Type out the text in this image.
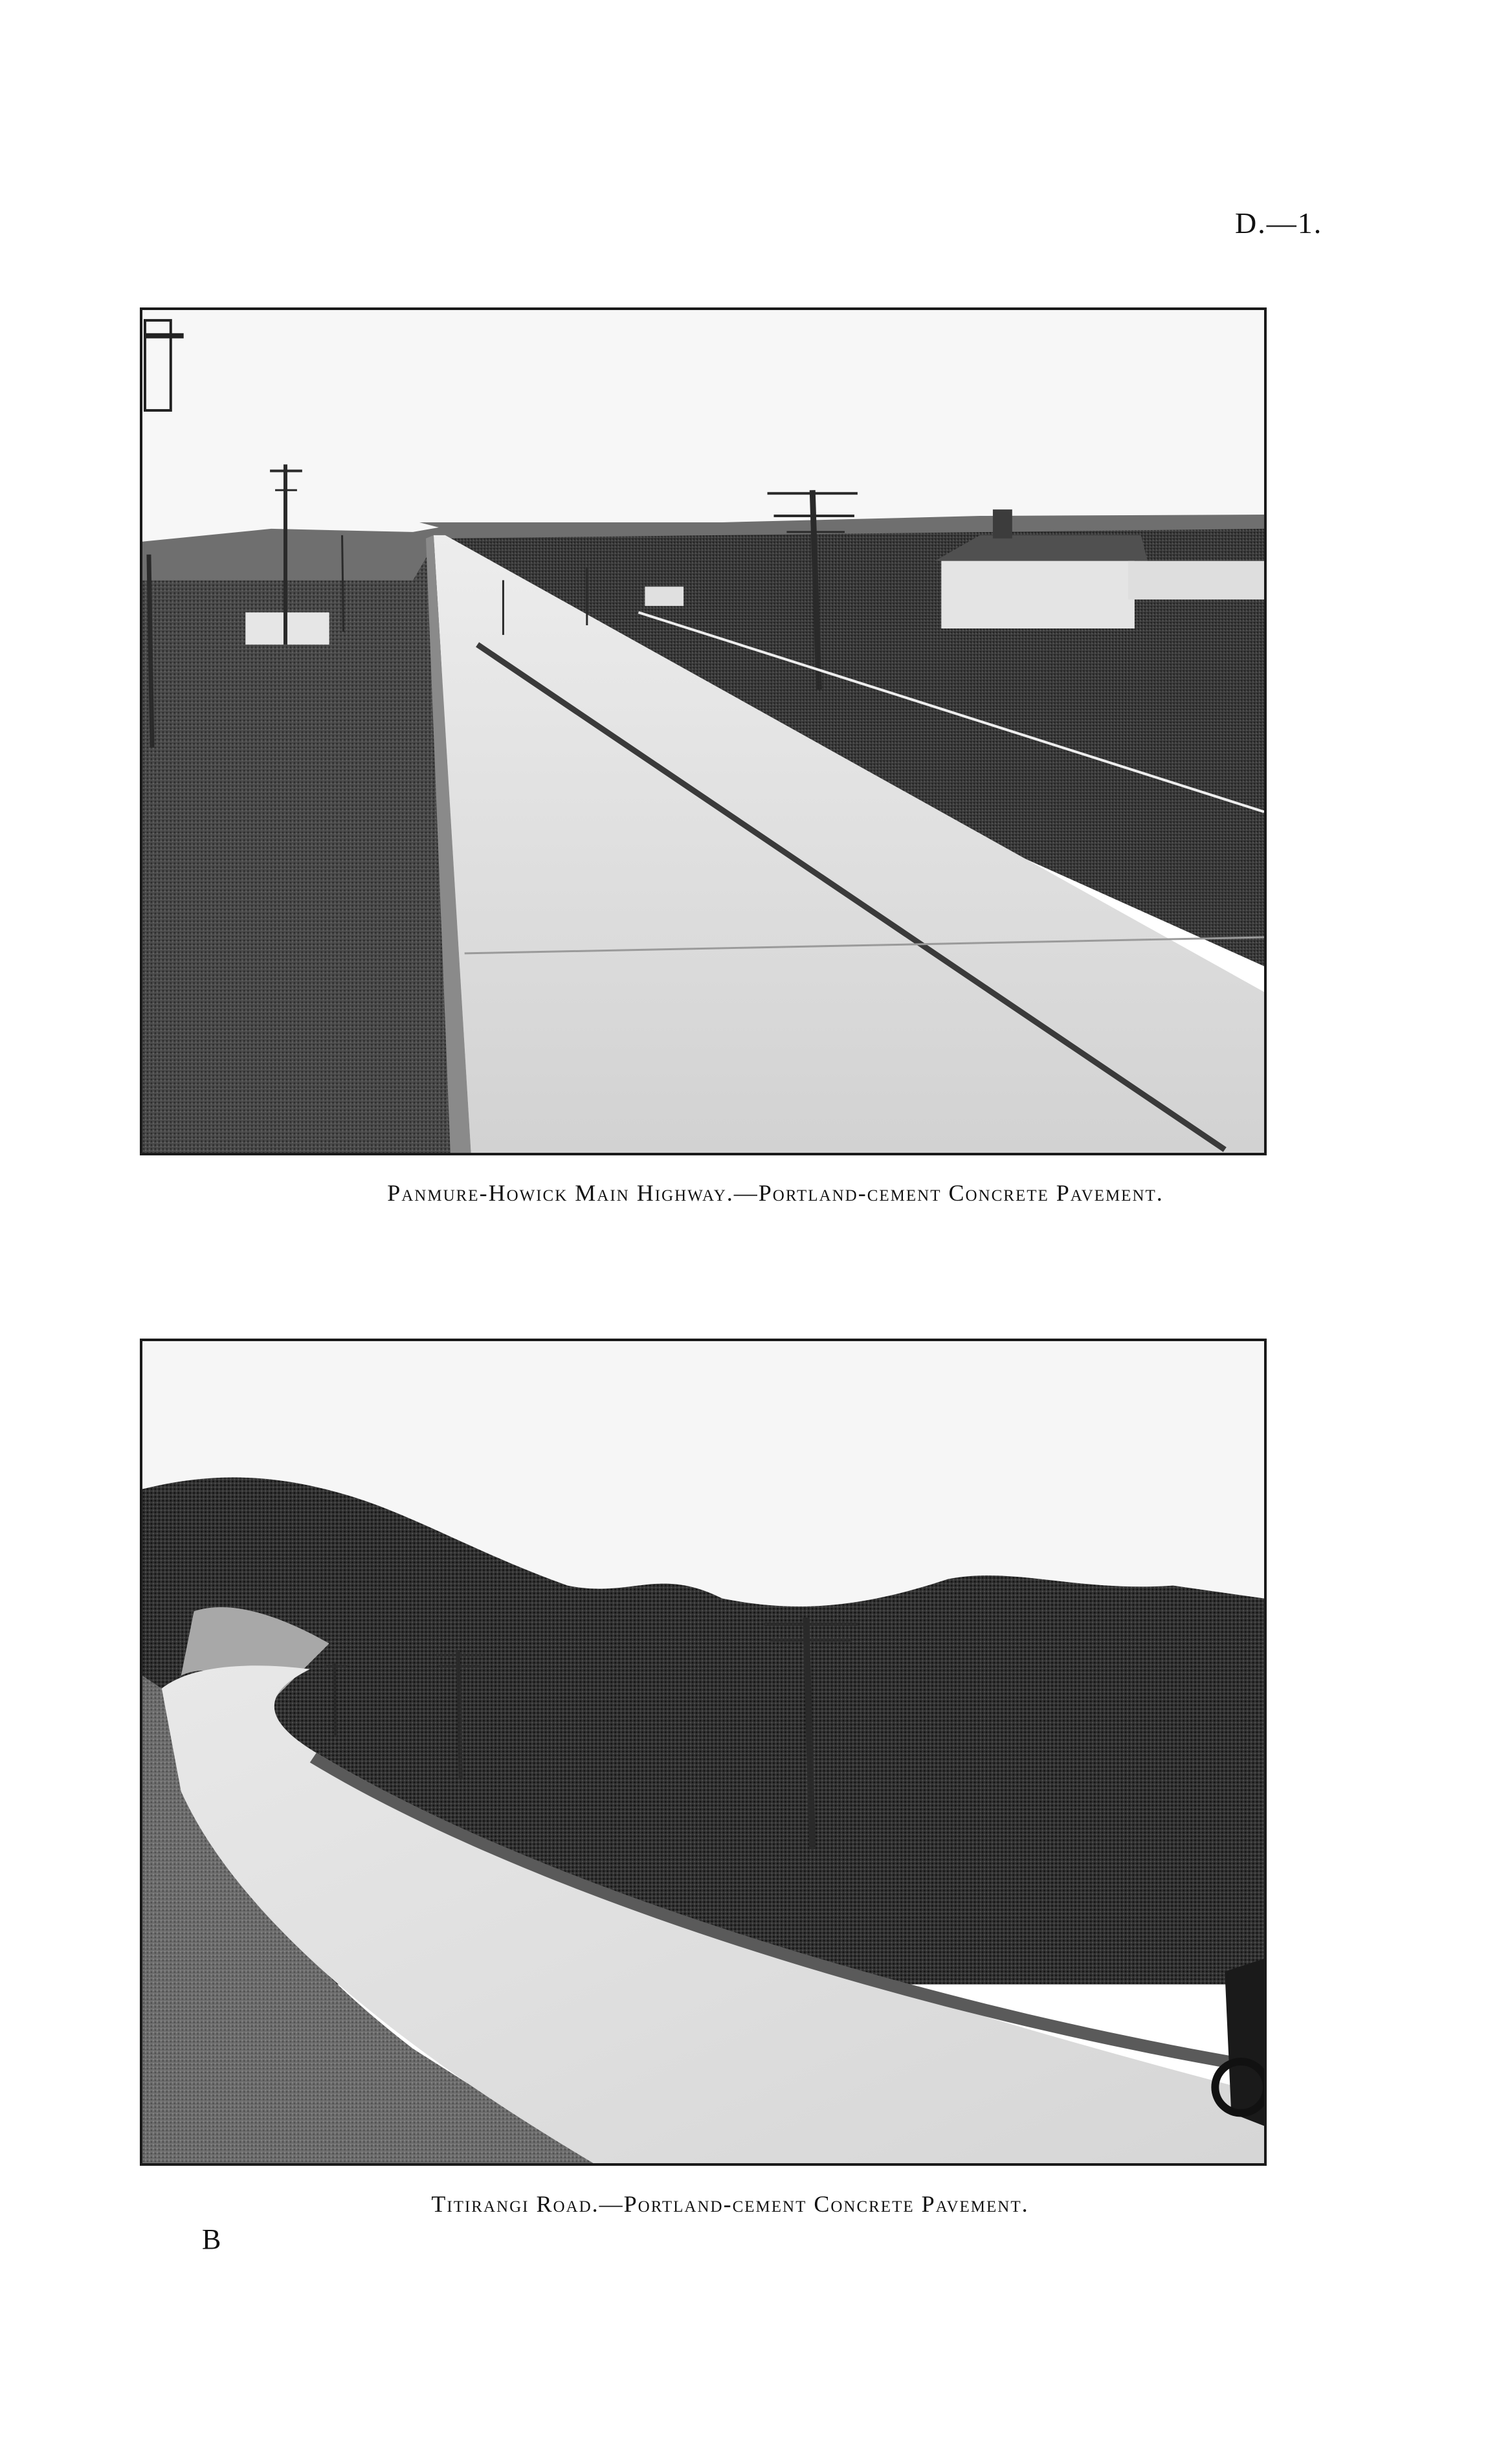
D.—1.
Panmure-Howick Main Highway.—Portland-cement Concrete Pavement.
Titirangi Road.—Portland-cement Concrete Pavement.
B
